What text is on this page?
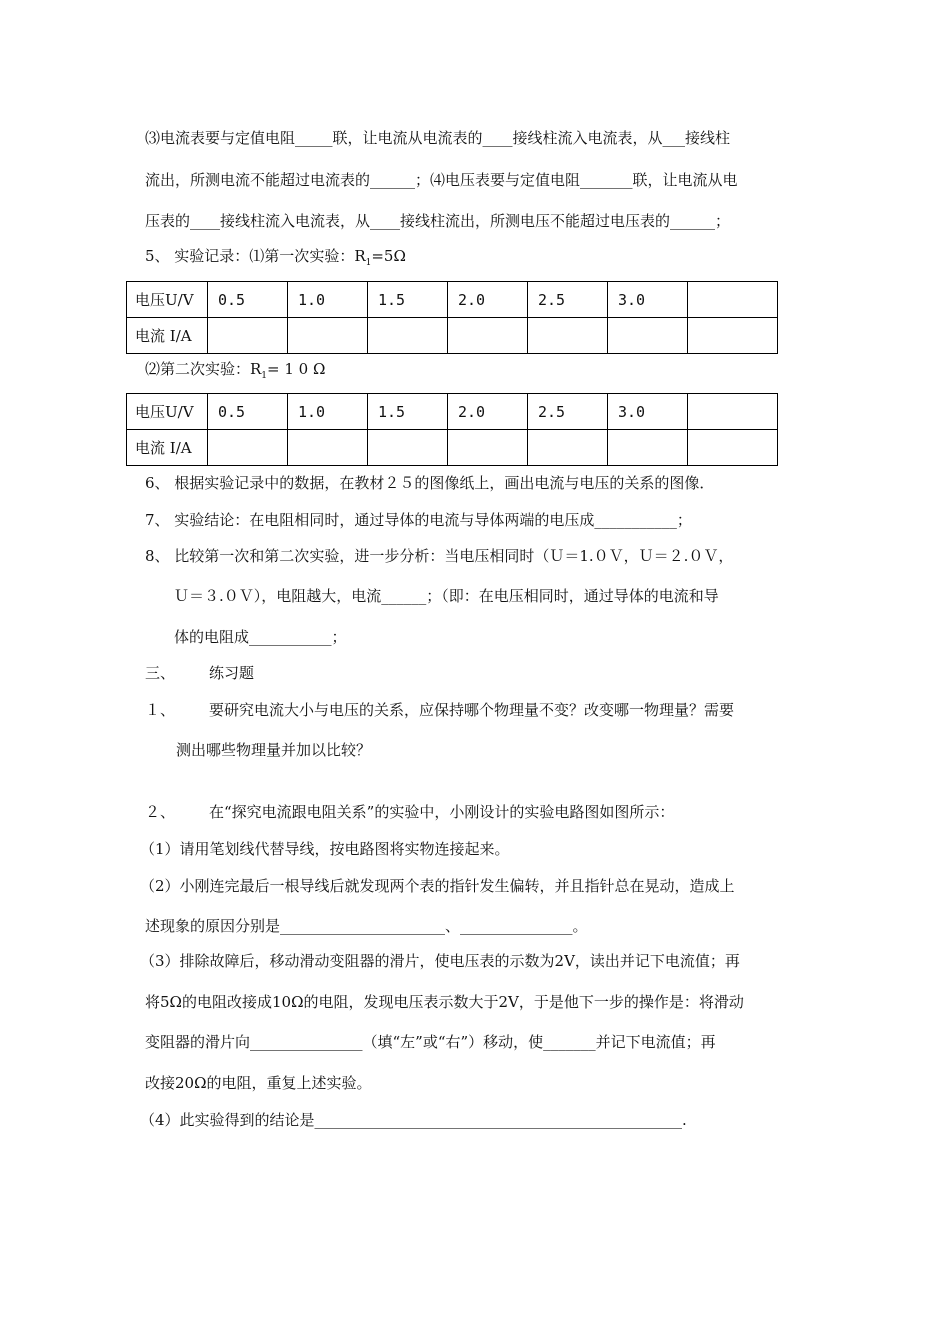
⑶电流表要与定值电阻_____联，让电流从电流表的____接线柱流入电流表，从___接线柱
流出，所测电流不能超过电流表的______；⑷电压表要与定值电阻_______联，让电流从电
压表的____接线柱流入电流表，从____接线柱流出，所测电压不能超过电压表的______；
5、 实验记录：⑴第一次实验：$R_1=5\Omega$
电压U/V	0.5	1.0	1.5	2.0	2.5	3.0	
电流 I/A							
⑵第二次实验：$R_1= 1$ 0 Ω
电压U/V	0.5	1.0	1.5	2.0	2.5	3.0	
电流 I/A							
6、 根据实验记录中的数据，在教材２５的图像纸上，画出电流与电压的关系的图像．
7、 实验结论：在电阻相同时，通过导体的电流与导体两端的电压成___________；
8、 比较第一次和第二次实验，进一步分析：当电压相同时（Ｕ＝1.０Ｖ，Ｕ＝２.０Ｖ，
Ｕ＝３.０Ｖ），电阻越大，电流______；（即：在电压相同时，通过导体的电流和导
体的电阻成___________；
三、 练习题
１、 要研究电流大小与电压的关系，应保持哪个物理量不变？改变哪一物理量？需要
测出哪些物理量并加以比较？
２、 在“探究电流跟电阻关系”的实验中，小刚设计的实验电路图如图所示：
（1）请用笔划线代替导线，按电路图将实物连接起来。
（2）小刚连完最后一根导线后就发现两个表的指针发生偏转，并且指针总在晃动，造成上
述现象的原因分别是______________________、_______________。
（3）排除故障后，移动滑动变阻器的滑片，使电压表的示数为2V，读出并记下电流值；再
将5Ω的电阻改接成10Ω的电阻，发现电压表示数大于2V，于是他下一步的操作是：将滑动
变阻器的滑片向_______________（填“左”或“右”）移动，使_______并记下电流值；再
改接20Ω的电阻，重复上述实验。
（4）此实验得到的结论是_________________________________________________.
